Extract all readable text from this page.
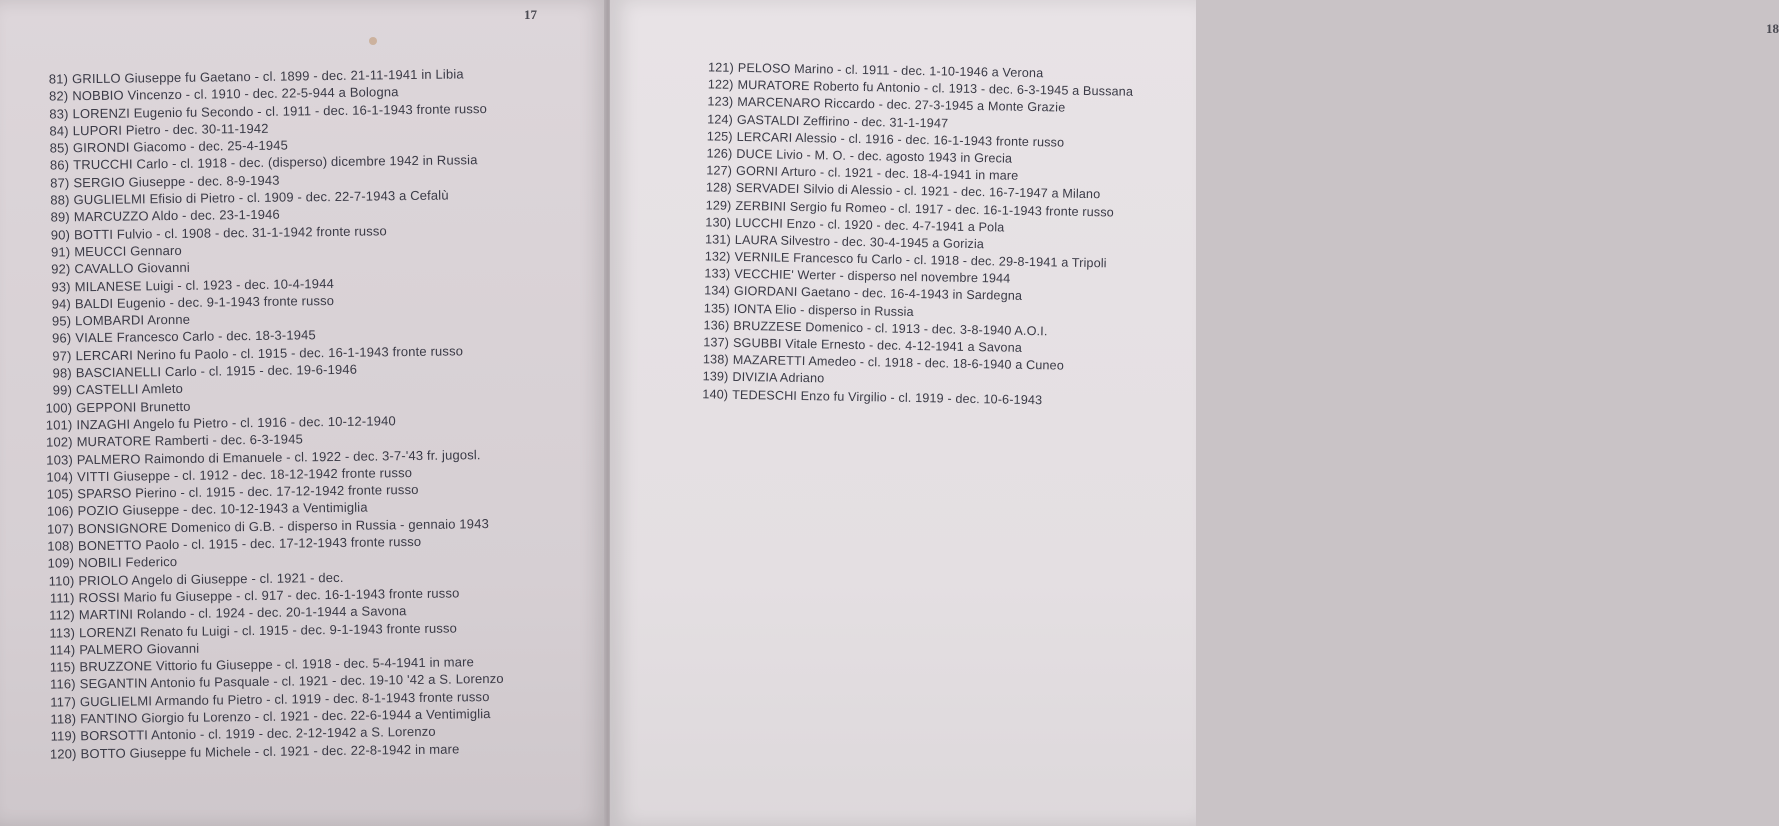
17
81) GRILLO Giuseppe fu Gaetano - cl. 1899 - dec. 21-11-1941 in Libia
82) NOBBIO Vincenzo - cl. 1910 - dec. 22-5-944 a Bologna
83) LORENZI Eugenio fu Secondo - cl. 1911 - dec. 16-1-1943 fronte russo
84) LUPORI Pietro - dec. 30-11-1942
85) GIRONDI Giacomo - dec. 25-4-1945
86) TRUCCHI Carlo - cl. 1918 - dec. (disperso) dicembre 1942 in Russia
87) SERGIO Giuseppe - dec. 8-9-1943
88) GUGLIELMI Efisio di Pietro - cl. 1909 - dec. 22-7-1943 a Cefalù
89) MARCUZZO Aldo - dec. 23-1-1946
90) BOTTI Fulvio - cl. 1908 - dec. 31-1-1942 fronte russo
91) MEUCCI Gennaro
92) CAVALLO Giovanni
93) MILANESE Luigi - cl. 1923 - dec. 10-4-1944
94) BALDI Eugenio - dec. 9-1-1943 fronte russo
95) LOMBARDI Aronne
96) VIALE Francesco Carlo - dec. 18-3-1945
97) LERCARI Nerino fu Paolo - cl. 1915 - dec. 16-1-1943 fronte russo
98) BASCIANELLI Carlo - cl. 1915 - dec. 19-6-1946
99) CASTELLI Amleto
100) GEPPONI Brunetto
101) INZAGHI Angelo fu Pietro - cl. 1916 - dec. 10-12-1940
102) MURATORE Ramberti - dec. 6-3-1945
103) PALMERO Raimondo di Emanuele - cl. 1922 - dec. 3-7-'43 fr. jugosl.
104) VITTI Giuseppe - cl. 1912 - dec. 18-12-1942 fronte russo
105) SPARSO Pierino - cl. 1915 - dec. 17-12-1942 fronte russo
106) POZIO Giuseppe - dec. 10-12-1943 a Ventimiglia
107) BONSIGNORE Domenico di G.B. - disperso in Russia - gennaio 1943
108) BONETTO Paolo - cl. 1915 - dec. 17-12-1943 fronte russo
109) NOBILI Federico
110) PRIOLO Angelo di Giuseppe - cl. 1921 - dec.
111) ROSSI Mario fu Giuseppe - cl. 917 - dec. 16-1-1943 fronte russo
112) MARTINI Rolando - cl. 1924 - dec. 20-1-1944 a Savona
113) LORENZI Renato fu Luigi - cl. 1915 - dec. 9-1-1943 fronte russo
114) PALMERO Giovanni
115) BRUZZONE Vittorio fu Giuseppe - cl. 1918 - dec. 5-4-1941 in mare
116) SEGANTIN Antonio fu Pasquale - cl. 1921 - dec. 19-10 '42 a S. Lorenzo
117) GUGLIELMI Armando fu Pietro - cl. 1919 - dec. 8-1-1943 fronte russo
118) FANTINO Giorgio fu Lorenzo - cl. 1921 - dec. 22-6-1944 a Ventimiglia
119) BORSOTTI Antonio - cl. 1919 - dec. 2-12-1942 a S. Lorenzo
120) BOTTO Giuseppe fu Michele - cl. 1921 - dec. 22-8-1942 in mare
18
121) PELOSO Marino - cl. 1911 - dec. 1-10-1946 a Verona
122) MURATORE Roberto fu Antonio - cl. 1913 - dec. 6-3-1945 a Bussana
123) MARCENARO Riccardo - dec. 27-3-1945 a Monte Grazie
124) GASTALDI Zeffirino - dec. 31-1-1947
125) LERCARI Alessio - cl. 1916 - dec. 16-1-1943 fronte russo
126) DUCE Livio - M. O. - dec. agosto 1943 in Grecia
127) GORNI Arturo - cl. 1921 - dec. 18-4-1941 in mare
128) SERVADEI Silvio di Alessio - cl. 1921 - dec. 16-7-1947 a Milano
129) ZERBINI Sergio fu Romeo - cl. 1917 - dec. 16-1-1943 fronte russo
130) LUCCHI Enzo - cl. 1920 - dec. 4-7-1941 a Pola
131) LAURA Silvestro - dec. 30-4-1945 a Gorizia
132) VERNILE Francesco fu Carlo - cl. 1918 - dec. 29-8-1941 a Tripoli
133) VECCHIE' Werter - disperso nel novembre 1944
134) GIORDANI Gaetano - dec. 16-4-1943 in Sardegna
135) IONTA Elio - disperso in Russia
136) BRUZZESE Domenico - cl. 1913 - dec. 3-8-1940 A.O.I.
137) SGUBBI Vitale Ernesto - dec. 4-12-1941 a Savona
138) MAZARETTI Amedeo - cl. 1918 - dec. 18-6-1940 a Cuneo
139) DIVIZIA Adriano
140) TEDESCHI Enzo fu Virgilio - cl. 1919 - dec. 10-6-1943
